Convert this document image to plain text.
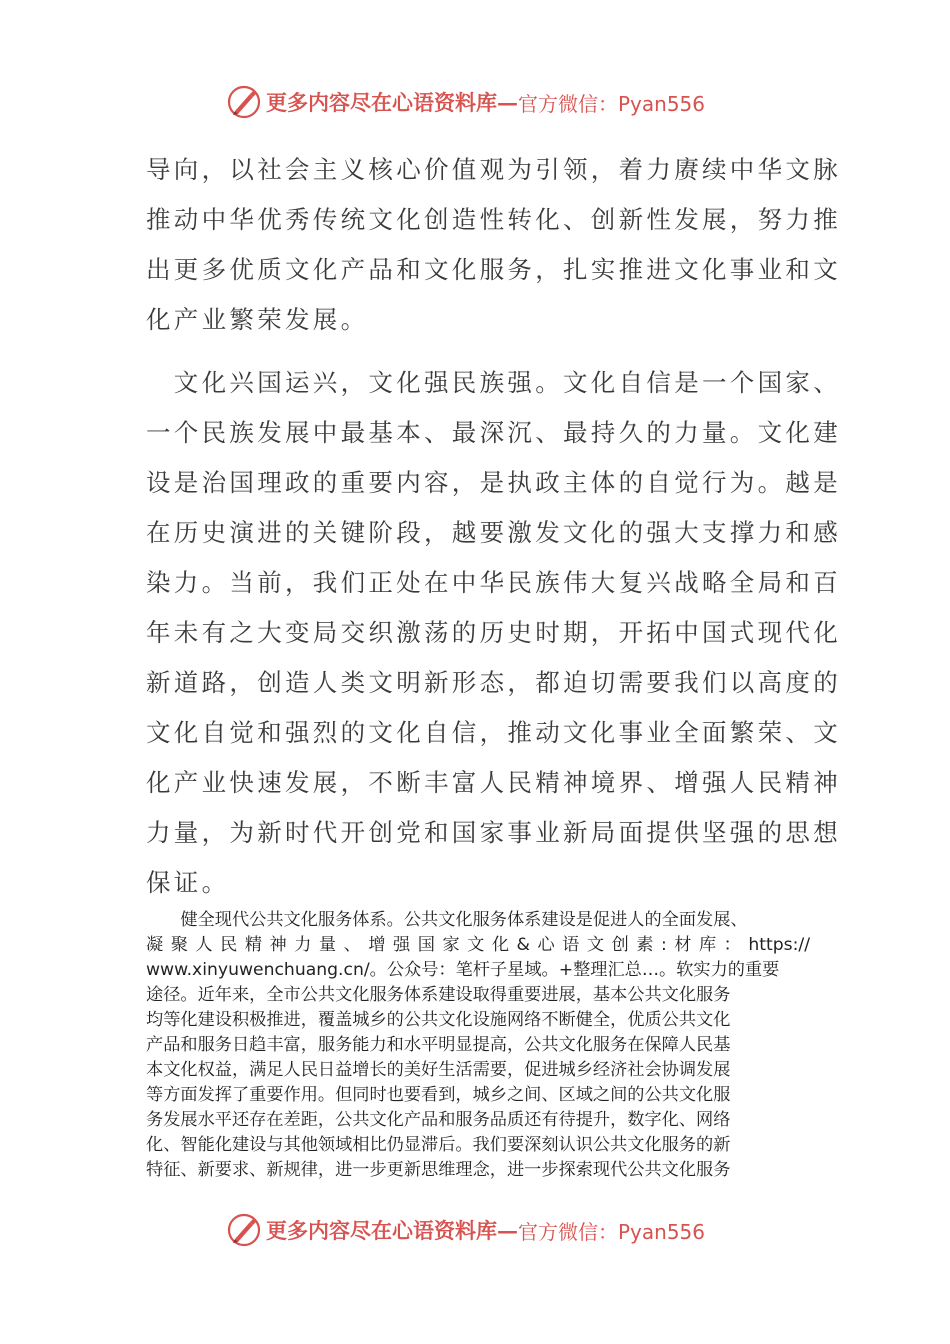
更多内容尽在心语资料库— 官方微信：Pyan556
导向，以社会主义核心价值观为引领，着力赓续中华文脉
推动中华优秀传统文化创造性转化、创新性发展，努力推
出更多优质文化产品和文化服务，扎实推进文化事业和文
化产业繁荣发展。
　文化兴国运兴，文化强民族强。文化自信是一个国家、
一个民族发展中最基本、最深沉、最持久的力量。文化建
设是治国理政的重要内容，是执政主体的自觉行为。越是
在历史演进的关键阶段，越要激发文化的强大支撑力和感
染力。当前，我们正处在中华民族伟大复兴战略全局和百
年未有之大变局交织激荡的历史时期，开拓中国式现代化
新道路，创造人类文明新形态，都迫切需要我们以高度的
文化自觉和强烈的文化自信，推动文化事业全面繁荣、文
化产业快速发展，不断丰富人民精神境界、增强人民精神
力量，为新时代开创党和国家事业新局面提供坚强的思想
保证。
　　健全现代公共文化服务体系。公共文化服务体系建设是促进人的全面发展、
凝 聚 人 民 精 神 力 量 、 增 强 国 家 文 化 & 心 语 文 创 素 : 材 库 ： https://
www.xinyuwenchuang.cn/。公众号：笔杆子星域。+整理汇总…。软实力的重要
途径。近年来，全市公共文化服务体系建设取得重要进展，基本公共文化服务
均等化建设积极推进，覆盖城乡的公共文化设施网络不断健全，优质公共文化
产品和服务日趋丰富，服务能力和水平明显提高，公共文化服务在保障人民基
本文化权益，满足人民日益增长的美好生活需要，促进城乡经济社会协调发展
等方面发挥了重要作用。但同时也要看到，城乡之间、区域之间的公共文化服
务发展水平还存在差距，公共文化产品和服务品质还有待提升，数字化、网络
化、智能化建设与其他领域相比仍显滞后。我们要深刻认识公共文化服务的新
特征、新要求、新规律，进一步更新思维理念，进一步探索现代公共文化服务
更多内容尽在心语资料库— 官方微信：Pyan556
